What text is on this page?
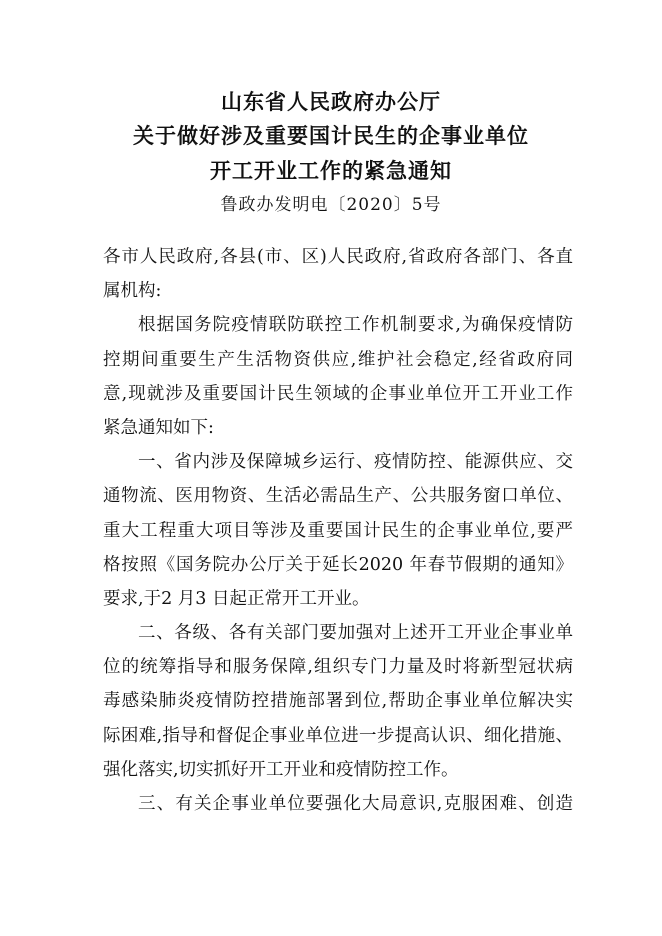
山东省人民政府办公厅
关于做好涉及重要国计民生的企事业单位
开工开业工作的紧急通知
鲁政办发明电〔2020〕5号
各市人民政府,各县(市、区)人民政府,省政府各部门、各直
属机构:
根据国务院疫情联防联控工作机制要求,为确保疫情防
控期间重要生产生活物资供应,维护社会稳定,经省政府同
意,现就涉及重要国计民生领域的企事业单位开工开业工作
紧急通知如下:
一、省内涉及保障城乡运行、疫情防控、能源供应、交
通物流、医用物资、生活必需品生产、公共服务窗口单位、
重大工程重大项目等涉及重要国计民生的企事业单位,要严
格按照《国务院办公厅关于延长2020 年春节假期的通知》
要求,于2 月3 日起正常开工开业。
二、各级、各有关部门要加强对上述开工开业企事业单
位的统筹指导和服务保障,组织专门力量及时将新型冠状病
毒感染肺炎疫情防控措施部署到位,帮助企事业单位解决实
际困难,指导和督促企事业单位进一步提高认识、细化措施、
强化落实,切实抓好开工开业和疫情防控工作。
三、有关企事业单位要强化大局意识,克服困难、创造
